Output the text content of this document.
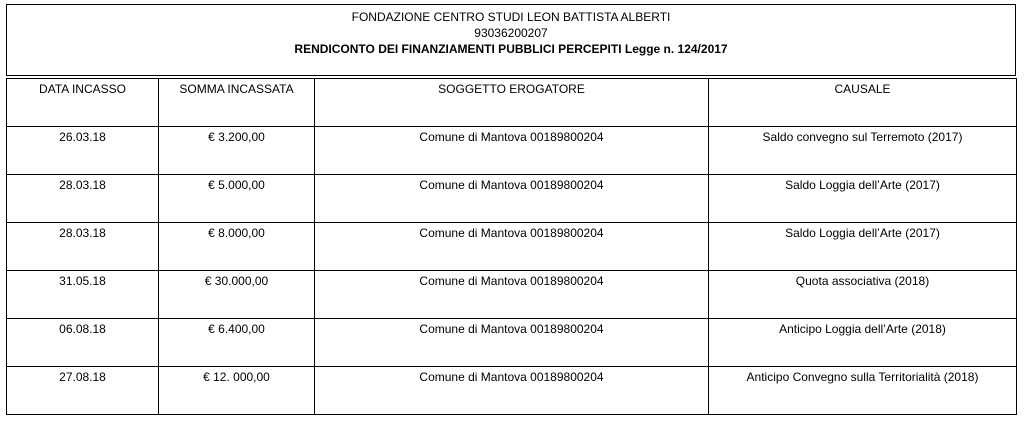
FONDAZIONE CENTRO STUDI LEON BATTISTA ALBERTI
93036200207
RENDICONTO DEI FINANZIAMENTI PUBBLICI PERCEPITI Legge n. 124/2017
DATA INCASSO	SOMMA INCASSATA	SOGGETTO EROGATORE	CAUSALE
26.03.18	€ 3.200,00	Comune di Mantova 00189800204	Saldo convegno sul Terremoto (2017)
28.03.18	€ 5.000,00	Comune di Mantova 00189800204	Saldo Loggia dell’Arte (2017)
28.03.18	€ 8.000,00	Comune di Mantova 00189800204	Saldo Loggia dell’Arte (2017)
31.05.18	€ 30.000,00	Comune di Mantova 00189800204	Quota associativa (2018)
06.08.18	€ 6.400,00	Comune di Mantova 00189800204	Anticipo Loggia dell’Arte (2018)
27.08.18	€ 12. 000,00	Comune di Mantova 00189800204	Anticipo Convegno sulla Territorialità (2018)
